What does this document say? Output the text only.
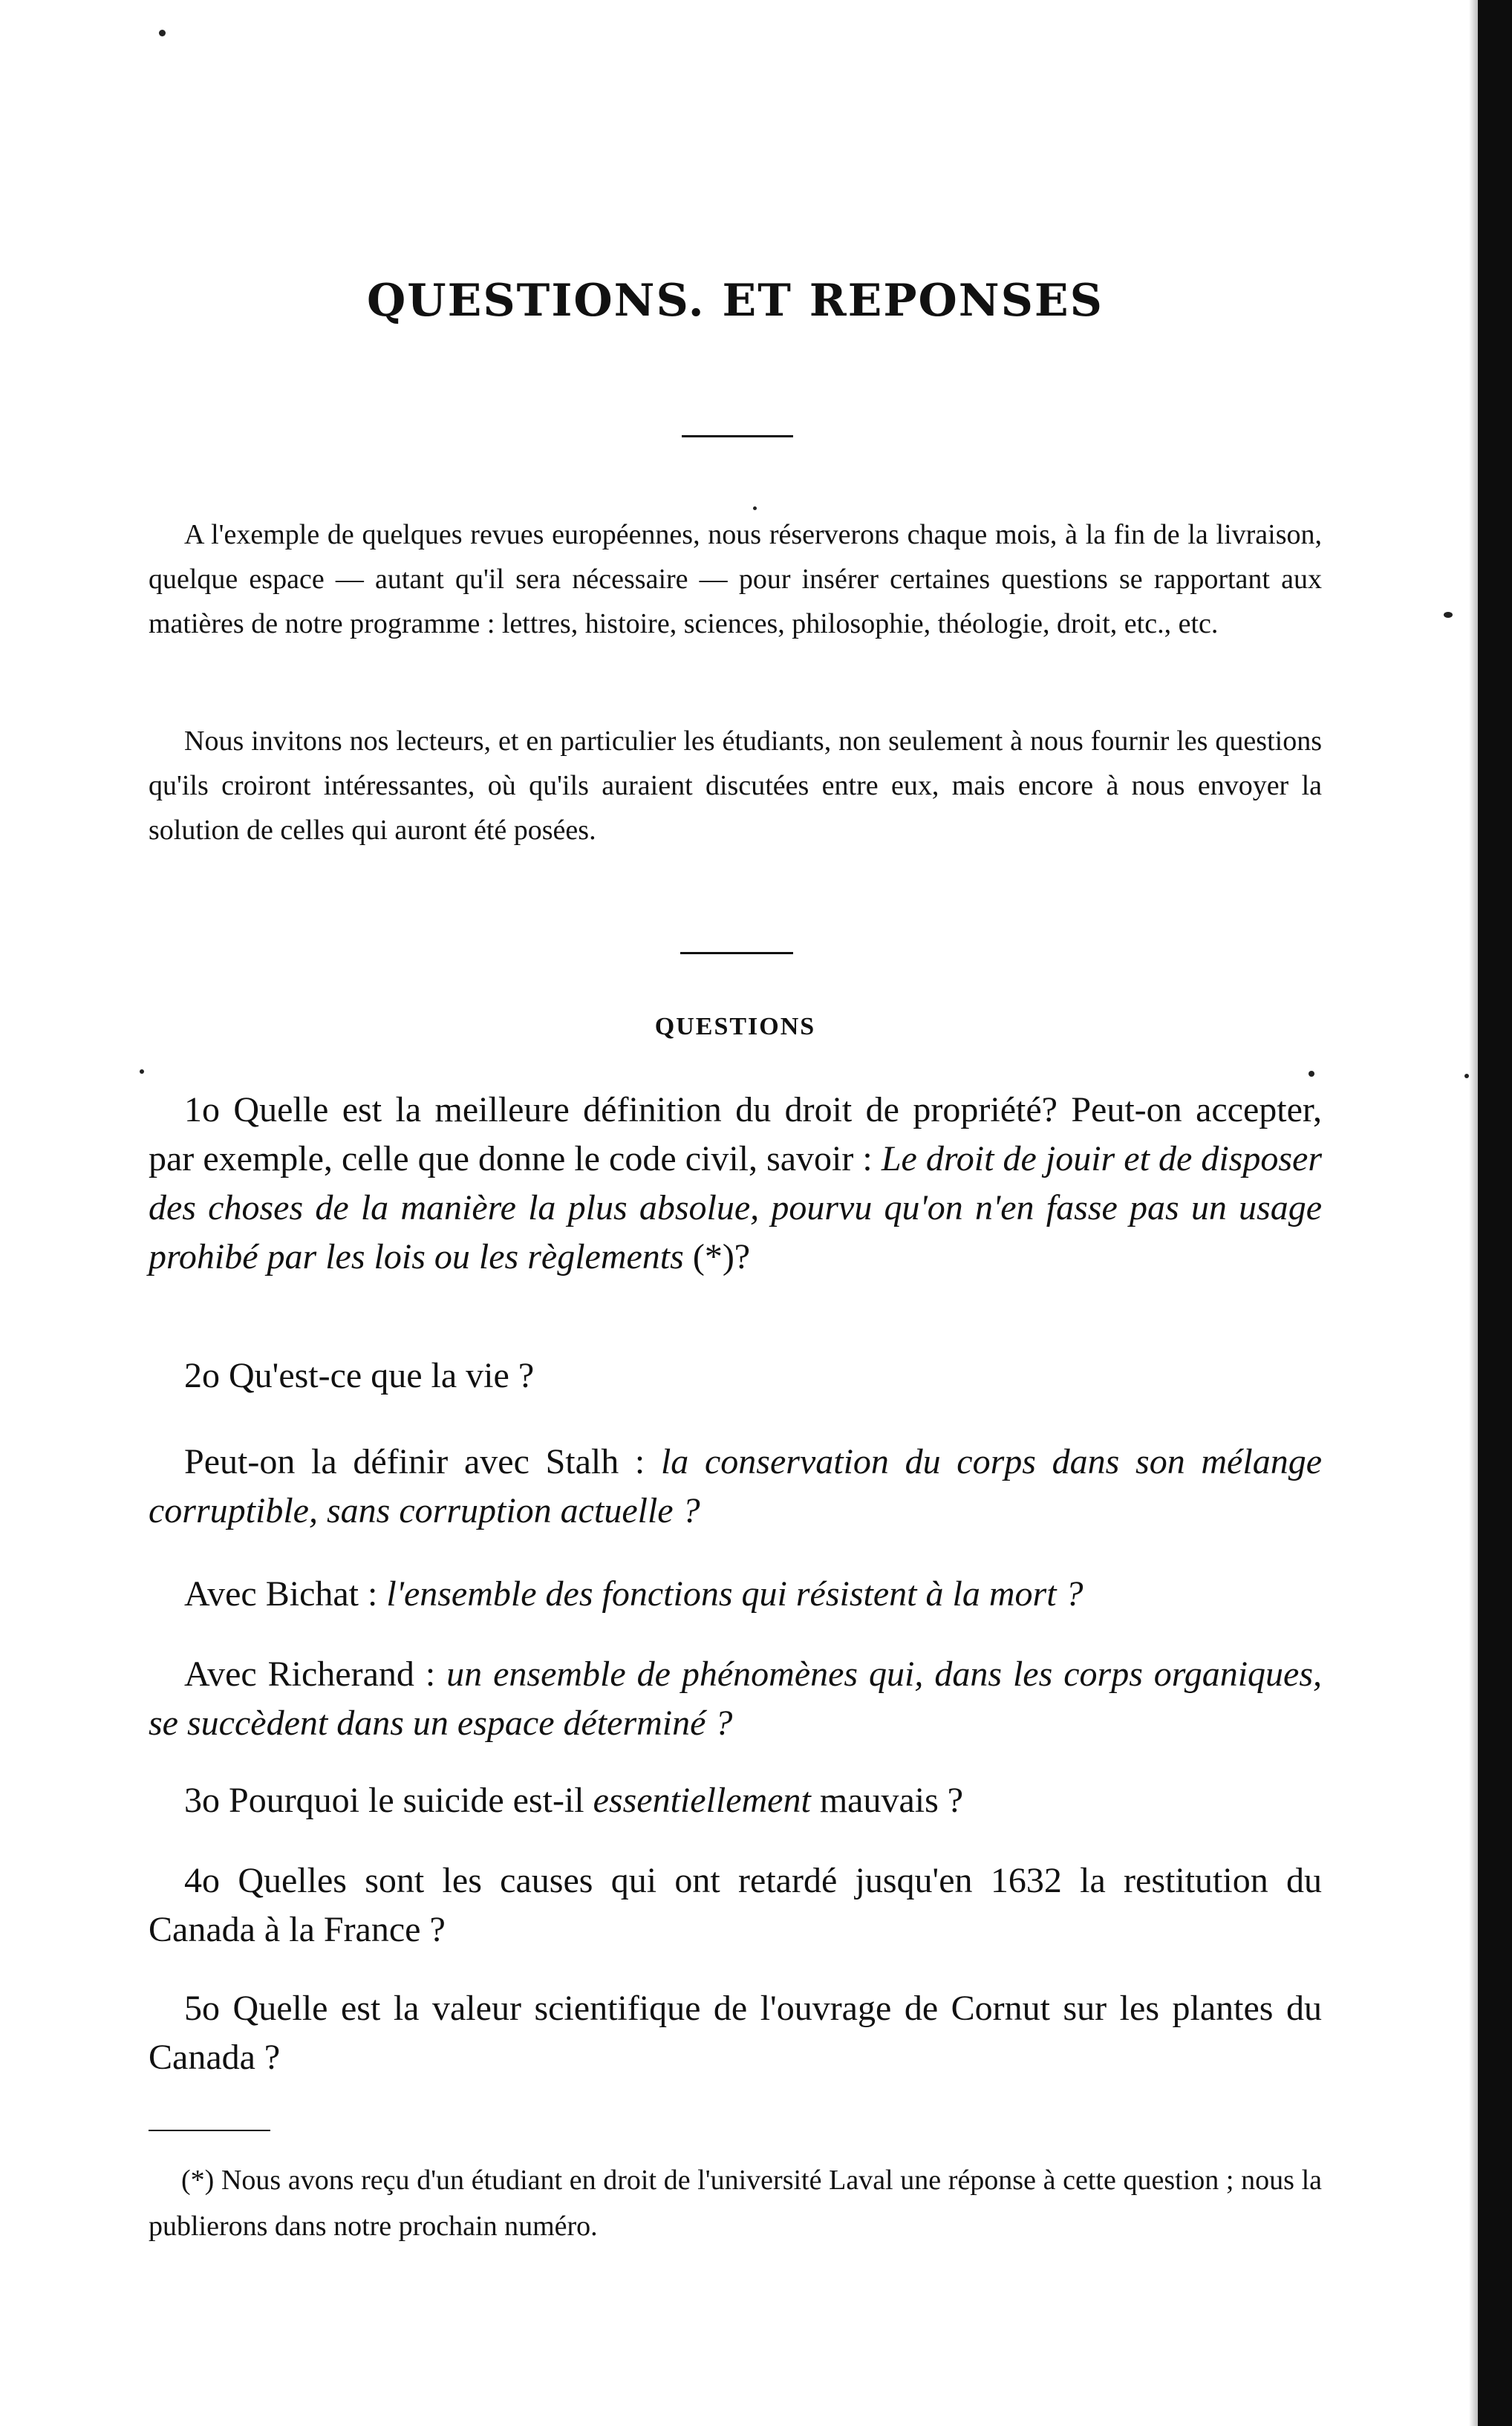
QUESTIONS. ET REPONSES

A l'exemple de quelques revues européennes, nous réserverons chaque mois, à la fin de la livraison, quelque espace — autant qu'il sera nécessaire — pour insérer certaines questions se rapportant aux matières de notre programme : lettres, histoire, sciences, philosophie, théologie, droit, etc., etc.

Nous invitons nos lecteurs, et en particulier les étudiants, non seulement à nous fournir les questions qu'ils croiront intéressantes, où qu'ils auraient discutées entre eux, mais encore à nous envoyer la solution de celles qui auront été posées.

QUESTIONS

1o Quelle est la meilleure définition du droit de propriété? Peut-on accepter, par exemple, celle que donne le code civil, savoir : Le droit de jouir et de disposer des choses de la manière la plus absolue, pourvu qu'on n'en fasse pas un usage prohibé par les lois ou les règlements (*)?

2o Qu'est-ce que la vie ?

Peut-on la définir avec Stalh : la conservation du corps dans son mélange corruptible, sans corruption actuelle ?

Avec Bichat : l'ensemble des fonctions qui résistent à la mort ?

Avec Richerand : un ensemble de phénomènes qui, dans les corps organiques, se succèdent dans un espace déterminé ?

3o Pourquoi le suicide est-il essentiellement mauvais ?

4o Quelles sont les causes qui ont retardé jusqu'en 1632 la restitution du Canada à la France ?

5o Quelle est la valeur scientifique de l'ouvrage de Cornut sur les plantes du Canada ?

(*) Nous avons reçu d'un étudiant en droit de l'université Laval une réponse à cette question ; nous la publierons dans notre prochain numéro.
